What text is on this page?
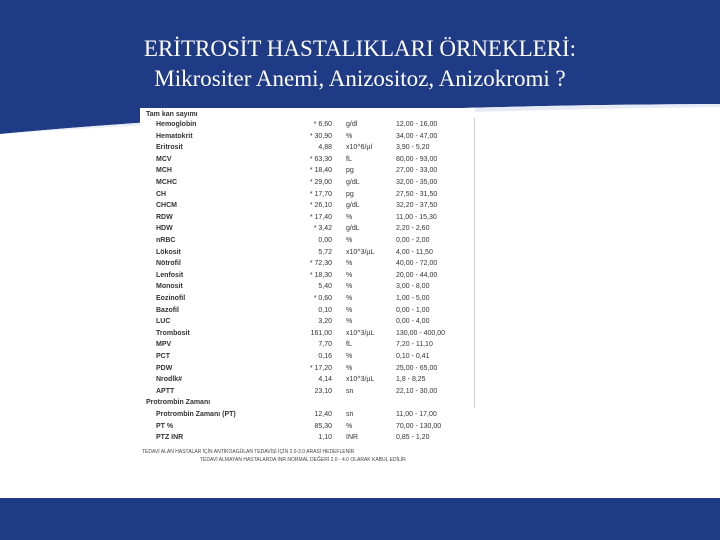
ERİTROSİT HASTALIKLARI ÖRNEKLERİ:
Mikrositer Anemi, Anizositoz, Anizokromi ?
Tam kan sayımı
Hemoglobin	* 6,60 g/dl	12,00 - 16,00
Hematokrit	* 30,90 %	34,00 - 47,00
Eritrosit	4,88 x10^6/µl	3,90 - 5,20
MCV	* 63,30 fL	80,00 - 93,00
MCH	* 18,40 pg	27,00 - 33,00
MCHC	* 29,00 g/dL	32,00 - 35,00
CH	* 17,70 pg	27,50 - 31,50
CHCM	* 26,10 g/dL	32,20 - 37,50
RDW	* 17,40 %	11,00 - 15,30
HDW	* 3,42 g/dL	2,20 - 2,60
nRBC	0,00 %	0,00 - 2,00
Lökosit	5,72 x10^3/µL	4,00 - 11,50
Nötrofil	* 72,30 %	40,00 - 72,00
Lenfosit	* 18,30 %	20,00 - 44,00
Monosit	5,40 %	3,00 - 8,00
Eozinofil	* 0,60 %	1,00 - 5,00
Bazofil	0,10 %	0,00 - 1,00
LUC	3,20 %	0,00 - 4,00
Trombosit	161,00 x10^3/µL	130,00 - 400,00
MPV	7,70 fL	7,20 - 11,10
PCT	0,16 %	0,10 - 0,41
PDW	* 17,20 %	25,00 - 65,00
Nrodlk#	4,14 x10^3/µL	1,8 - 8,25
APTT	23,10 sn	22,10 - 30,00
Protrombin Zamanı
Protrombin Zamanı (PT)	12,40 sn	11,00 - 17,00
PT %	85,30 %	70,00 - 130,00
PTZ INR	1,10 INR	0,85 - 1,20
TEDAVİ ALAN HASTALAR İÇİN ANTİKOAGÜLAN TEDAVİSİ İÇİN 2.0-3.0 ARASI HEDEFLENİR
TEDAVİ ALMAYAN HASTALARDA INR NORMAL DEĞERİ 2.0 - 4.0 OLARAK KABUL EDİLİR
